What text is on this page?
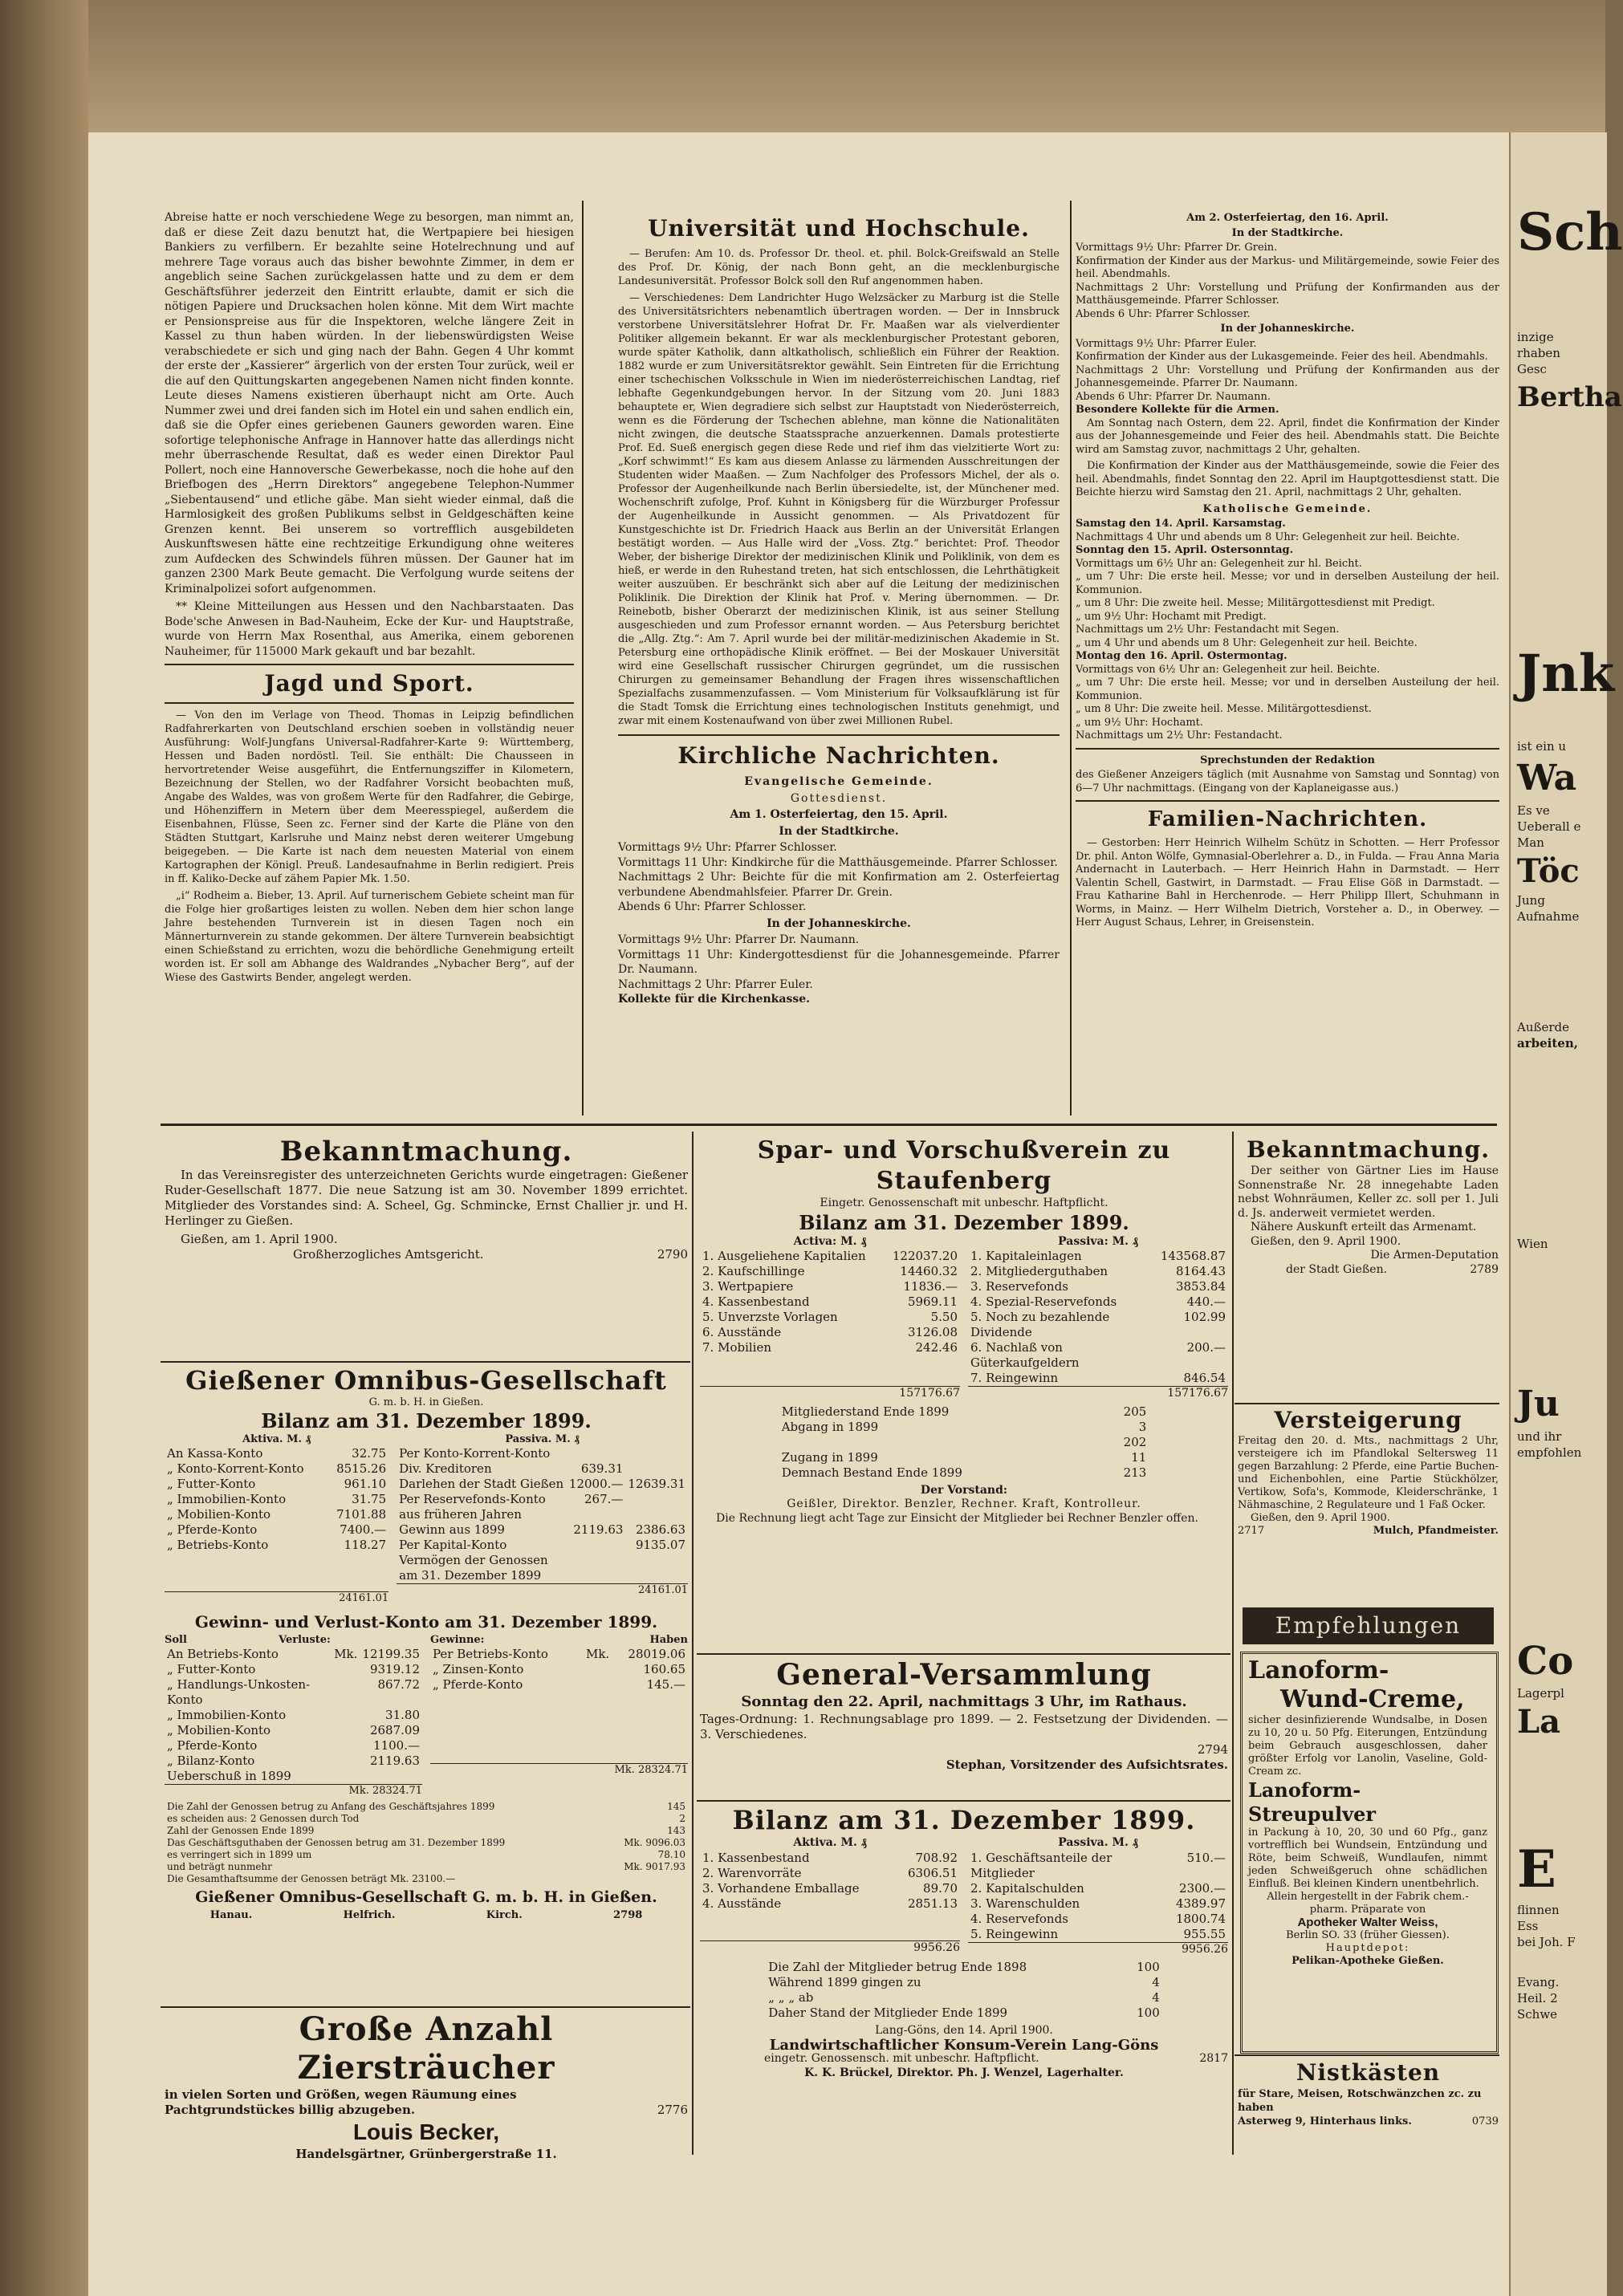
Abreise hatte er noch verschiedene Wege zu besorgen, man nimmt an, daß er diese Zeit dazu benutzt hat, die Wertpapiere bei hiesigen Bankiers zu verfilbern. Er bezahlte seine Hotelrechnung und auf mehrere Tage voraus auch das bisher bewohnte Zimmer, in dem er angeblich seine Sachen zurückgelassen hatte und zu dem er dem Geschäftsführer jederzeit den Eintritt erlaubte, damit er sich die nötigen Papiere und Drucksachen holen könne. Mit dem Wirt machte er Pensionspreise aus für die Inspektoren, welche längere Zeit in Kassel zu thun haben würden. In der liebenswürdigsten Weise verabschiedete er sich und ging nach der Bahn. Gegen 4 Uhr kommt der erste der „Kassierer“ ärgerlich von der ersten Tour zurück, weil er die auf den Quittungskarten angegebenen Namen nicht finden konnte. Leute dieses Namens existieren überhaupt nicht am Orte. Auch Nummer zwei und drei fanden sich im Hotel ein und sahen endlich ein, daß sie die Opfer eines geriebenen Gauners geworden waren. Eine sofortige telephonische Anfrage in Hannover hatte das allerdings nicht mehr überraschende Resultat, daß es weder einen Direktor Paul Pollert, noch eine Hannoversche Gewerbekasse, noch die hohe auf den Briefbogen des „Herrn Direktors“ angegebene Telephon-Nummer „Siebentausend“ und etliche gäbe. Man sieht wieder einmal, daß die Harmlosigkeit des großen Publikums selbst in Geldgeschäften keine Grenzen kennt. Bei unserem so vortrefflich ausgebildeten Auskunftswesen hätte eine rechtzeitige Erkundigung ohne weiteres zum Aufdecken des Schwindels führen müssen. Der Gauner hat im ganzen 2300 Mark Beute gemacht. Die Verfolgung wurde seitens der Kriminalpolizei sofort aufgenommen.

** Kleine Mitteilungen aus Hessen und den Nachbarstaaten. Das Bode'sche Anwesen in Bad-Nauheim, Ecke der Kur- und Hauptstraße, wurde von Herrn Max Rosenthal, aus Amerika, einem geborenen Nauheimer, für 115000 Mark gekauft und bar bezahlt.

Jagd und Sport.

— Von den im Verlage von Theod. Thomas in Leipzig befindlichen Radfahrerkarten von Deutschland erschien soeben in vollständig neuer Ausführung: Wolf-Jungfans Universal-Radfahrer-Karte 9: Württemberg, Hessen und Baden nordöstl. Teil. Sie enthält: Die Chausseen in hervortretender Weise ausgeführt, die Entfernungsziffer in Kilometern, Bezeichnung der Stellen, wo der Radfahrer Vorsicht beobachten muß, Angabe des Waldes, was von großem Werte für den Radfahrer, die Gebirge, und Höhenziffern in Metern über dem Meeresspiegel, außerdem die Eisenbahnen, Flüsse, Seen zc. Ferner sind der Karte die Pläne von den Städten Stuttgart, Karlsruhe und Mainz nebst deren weiterer Umgebung beigegeben. — Die Karte ist nach dem neuesten Material von einem Kartographen der Königl. Preuß. Landesaufnahme in Berlin redigiert. Preis in ff. Kaliko-Decke auf zähem Papier Mk. 1.50.

„i“ Rodheim a. Bieber, 13. April. Auf turnerischem Gebiete scheint man für die Folge hier großartiges leisten zu wollen. Neben dem hier schon lange Jahre bestehenden Turnverein ist in diesen Tagen noch ein Männerturnverein zu stande gekommen. Der ältere Turnverein beabsichtigt einen Schießstand zu errichten, wozu die behördliche Genehmigung erteilt worden ist. Er soll am Abhange des Waldrandes „Nybacher Berg“, auf der Wiese des Gastwirts Bender, angelegt werden.

Universität und Hochschule.

— Berufen: Am 10. ds. Professor Dr. theol. et. phil. Bolck-Greifswald an Stelle des Prof. Dr. König, der nach Bonn geht, an die mecklenburgische Landesuniversität. Professor Bolck soll den Ruf angenommen haben.

— Verschiedenes: Dem Landrichter Hugo Welzsäcker zu Marburg ist die Stelle des Universitätsrichters nebenamtlich übertragen worden. — Der in Innsbruck verstorbene Universitätslehrer Hofrat Dr. Fr. Maaßen war als vielverdienter Politiker allgemein bekannt. Er war als mecklenburgischer Protestant geboren, wurde später Katholik, dann altkatholisch, schließlich ein Führer der Reaktion. 1882 wurde er zum Universitätsrektor gewählt. Sein Eintreten für die Errichtung einer tschechischen Volksschule in Wien im niederösterreichischen Landtag, rief lebhafte Gegenkundgebungen hervor. In der Sitzung vom 20. Juni 1883 behauptete er, Wien degradiere sich selbst zur Hauptstadt von Niederösterreich, wenn es die Förderung der Tschechen ablehne, man könne die Nationalitäten nicht zwingen, die deutsche Staatssprache anzuerkennen. Damals protestierte Prof. Ed. Sueß energisch gegen diese Rede und rief ihm das vielzitierte Wort zu: „Korf schwimmt!“ Es kam aus diesem Anlasse zu lärmenden Ausschreitungen der Studenten wider Maaßen. — Zum Nachfolger des Professors Michel, der als o. Professor der Augenheilkunde nach Berlin übersiedelte, ist, der Münchener med. Wochenschrift zufolge, Prof. Kuhnt in Königsberg für die Würzburger Professur der Augenheilkunde in Aussicht genommen. — Als Privatdozent für Kunstgeschichte ist Dr. Friedrich Haack aus Berlin an der Universität Erlangen bestätigt worden. — Aus Halle wird der „Voss. Ztg.“ berichtet: Prof. Theodor Weber, der bisherige Direktor der medizinischen Klinik und Poliklinik, von dem es hieß, er werde in den Ruhestand treten, hat sich entschlossen, die Lehrthätigkeit weiter auszuüben. Er beschränkt sich aber auf die Leitung der medizinischen Poliklinik. Die Direktion der Klinik hat Prof. v. Mering übernommen. — Dr. Reinebotb, bisher Oberarzt der medizinischen Klinik, ist aus seiner Stellung ausgeschieden und zum Professor ernannt worden. — Aus Petersburg berichtet die „Allg. Ztg.“: Am 7. April wurde bei der militär-medizinischen Akademie in St. Petersburg eine orthopädische Klinik eröffnet. — Bei der Moskauer Universität wird eine Gesellschaft russischer Chirurgen gegründet, um die russischen Chirurgen zu gemeinsamer Behandlung der Fragen ihres wissenschaftlichen Spezialfachs zusammenzufassen. — Vom Ministerium für Volksaufklärung ist für die Stadt Tomsk die Errichtung eines technologischen Instituts genehmigt, und zwar mit einem Kostenaufwand von über zwei Millionen Rubel.

Kirchliche Nachrichten.
Evangelische Gemeinde.
Gottesdienst.
Am 1. Osterfeiertag, den 15. April.
In der Stadtkirche.
Vormittags 9½ Uhr: Pfarrer Schlosser.
Vormittags 11 Uhr: Kindkirche für die Matthäusgemeinde. Pfarrer Schlosser.
Nachmittags 2 Uhr: Beichte für die mit Konfirmation am 2. Osterfeiertag verbundene Abendmahlsfeier. Pfarrer Dr. Grein.
Abends 6 Uhr: Pfarrer Schlosser.
In der Johanneskirche.
Vormittags 9½ Uhr: Pfarrer Dr. Naumann.
Vormittags 11 Uhr: Kindergottesdienst für die Johannesgemeinde. Pfarrer Dr. Naumann.
Nachmittags 2 Uhr: Pfarrer Euler.
Kollekte für die Kirchenkasse.
Am 2. Osterfeiertag, den 16. April.
In der Stadtkirche.
Vormittags 9½ Uhr: Pfarrer Dr. Grein.
Konfirmation der Kinder aus der Markus- und Militärgemeinde, sowie Feier des heil. Abendmahls.
Nachmittags 2 Uhr: Vorstellung und Prüfung der Konfirmanden aus der Matthäusgemeinde. Pfarrer Schlosser.
Abends 6 Uhr: Pfarrer Schlosser.
In der Johanneskirche.
Vormittags 9½ Uhr: Pfarrer Euler.
Konfirmation der Kinder aus der Lukasgemeinde. Feier des heil. Abendmahls.
Nachmittags 2 Uhr: Vorstellung und Prüfung der Konfirmanden aus der Johannesgemeinde. Pfarrer Dr. Naumann.
Abends 6 Uhr: Pfarrer Dr. Naumann.
Besondere Kollekte für die Armen.

Am Sonntag nach Ostern, dem 22. April, findet die Konfirmation der Kinder aus der Johannesgemeinde und Feier des heil. Abendmahls statt. Die Beichte wird am Samstag zuvor, nachmittags 2 Uhr, gehalten.

Die Konfirmation der Kinder aus der Matthäusgemeinde, sowie die Feier des heil. Abendmahls, findet Sonntag den 22. April im Hauptgottesdienst statt. Die Beichte hierzu wird Samstag den 21. April, nachmittags 2 Uhr, gehalten.

Katholische Gemeinde.
Samstag den 14. April. Karsamstag.
Nachmittags 4 Uhr und abends um 8 Uhr: Gelegenheit zur heil. Beichte.
Sonntag den 15. April. Ostersonntag.
Vormittags um 6½ Uhr an: Gelegenheit zur hl. Beicht.
„ um 7 Uhr: Die erste heil. Messe; vor und in derselben Austeilung der heil. Kommunion.
„ um 8 Uhr: Die zweite heil. Messe; Militärgottesdienst mit Predigt.
„ um 9½ Uhr: Hochamt mit Predigt.
Nachmittags um 2½ Uhr: Festandacht mit Segen.
„ um 4 Uhr und abends um 8 Uhr: Gelegenheit zur heil. Beichte.
Montag den 16. April. Ostermontag.
Vormittags von 6½ Uhr an: Gelegenheit zur heil. Beichte.
„ um 7 Uhr: Die erste heil. Messe; vor und in derselben Austeilung der heil. Kommunion.
„ um 8 Uhr: Die zweite heil. Messe. Militärgottesdienst.
„ um 9½ Uhr: Hochamt.
Nachmittags um 2½ Uhr: Festandacht.
Sprechstunden der Redaktion
des Gießener Anzeigers täglich (mit Ausnahme von Samstag und Sonntag) von 6—7 Uhr nachmittags. (Eingang von der Kaplaneigasse aus.)
Familien-Nachrichten.

— Gestorben: Herr Heinrich Wilhelm Schütz in Schotten. — Herr Professor Dr. phil. Anton Wölfe, Gymnasial-Oberlehrer a. D., in Fulda. — Frau Anna Maria Andernacht in Lauterbach. — Herr Heinrich Hahn in Darmstadt. — Herr Valentin Schell, Gastwirt, in Darmstadt. — Frau Elise Göß in Darmstadt. — Frau Katharine Bahl in Herchenrode. — Herr Philipp Illert, Schuhmann in Worms, in Mainz. — Herr Wilhelm Dietrich, Vorsteher a. D., in Oberwey. — Herr August Schaus, Lehrer, in Greisenstein.

Bekanntmachung.
In das Vereinsregister des unterzeichneten Gerichts wurde eingetragen: Gießener Ruder-Gesellschaft 1877. Die neue Satzung ist am 30. November 1899 errichtet. Mitglieder des Vorstandes sind: A. Scheel, Gg. Schmincke, Ernst Challier jr. und H. Herlinger zu Gießen.
Gießen, am 1. April 1900.
Großherzogliches Amtsgericht.	2790
Gießener Omnibus-Gesellschaft
G. m. b. H. in Gießen.
Bilanz am 31. Dezember 1899.
Aktiva. M. ₰
An Kassa-Konto	32.75
„ Konto-Korrent-Konto	8515.26
„ Futter-Konto	961.10
„ Immobilien-Konto	31.75
„ Mobilien-Konto	7101.88
„ Pferde-Konto	7400.—
„ Betriebs-Konto	118.27
24161.01
Passiva. M. ₰
Per Konto-Korrent-Konto		
Div. Kreditoren	639.31	
Darlehen der Stadt Gießen	12000.—	12639.31
Per Reservefonds-Konto aus früheren Jahren	267.—	
Gewinn aus 1899	2119.63	2386.63
Per Kapital-Konto Vermögen der Genossen am 31. Dezember 1899		9135.07
24161.01
Gewinn- und Verlust-Konto am 31. Dezember 1899.
Soll	Verluste:
An Betriebs-Konto	Mk.	12199.35
„ Futter-Konto		9319.12
„ Handlungs-Unkosten-Konto		867.72
„ Immobilien-Konto		31.80
„ Mobilien-Konto		2687.09
„ Pferde-Konto		1100.—
„ Bilanz-Konto Ueberschuß in 1899		2119.63
Mk. 28324.71
Gewinne:	Haben
Per Betriebs-Konto	Mk.	28019.06
„ Zinsen-Konto		160.65
„ Pferde-Konto		145.—
Mk. 28324.71
Die Zahl der Genossen betrug zu Anfang des Geschäftsjahres 1899	145
es scheiden aus: 2 Genossen durch Tod	2
Zahl der Genossen Ende 1899	143
Das Geschäftsguthaben der Genossen betrug am 31. Dezember 1899	Mk. 9096.03
es verringert sich in 1899 um	78.10
und beträgt nunmehr	Mk. 9017.93
Die Gesamthaftsumme der Genossen beträgt Mk. 23100.—	
Gießener Omnibus-Gesellschaft G. m. b. H. in Gießen.
Hanau.	Helfrich.	Kirch.	2798
Große Anzahl Ziersträucher
in vielen Sorten und Größen, wegen Räumung eines Pachtgrundstückes billig abzugeben.	2776
Louis Becker,
Handelsgärtner, Grünbergerstraße 11.
Spar- und Vorschußverein zu Staufenberg
Eingetr. Genossenschaft mit unbeschr. Haftpflicht.
Bilanz am 31. Dezember 1899.
Activa: M. ₰
1. Ausgeliehene Kapitalien	122037.20
2. Kaufschillinge	14460.32
3. Wertpapiere	11836.—
4. Kassenbestand	5969.11
5. Unverzste Vorlagen	5.50
6. Ausstände	3126.08
7. Mobilien	242.46
157176.67
Passiva: M. ₰
1. Kapitaleinlagen	143568.87
2. Mitgliederguthaben	8164.43
3. Reservefonds	3853.84
4. Spezial-Reservefonds	440.—
5. Noch zu bezahlende Dividende	102.99
6. Nachlaß von Güterkaufgeldern	200.—
7. Reingewinn	846.54
157176.67
Mitgliederstand Ende 1899	205
Abgang in 1899	3
	202
Zugang in 1899	11
Demnach Bestand Ende 1899	213
Der Vorstand:
Geißler, Direktor. Benzler, Rechner. Kraft, Kontrolleur.
Die Rechnung liegt acht Tage zur Einsicht der Mitglieder bei Rechner Benzler offen.
General-Versammlung
Sonntag den 22. April, nachmittags 3 Uhr, im Rathaus.
Tages-Ordnung: 1. Rechnungsablage pro 1899. — 2. Festsetzung der Dividenden. — 3. Verschiedenes.
2794
Stephan, Vorsitzender des Aufsichtsrates.
Bilanz am 31. Dezember 1899.
Aktiva. M. ₰
1. Kassenbestand	708.92
2. Warenvorräte	6306.51
3. Vorhandene Emballage	89.70
4. Ausstände	2851.13
9956.26
Passiva. M. ₰
1. Geschäftsanteile der Mitglieder	510.—
2. Kapitalschulden	2300.—
3. Warenschulden	4389.97
4. Reservefonds	1800.74
5. Reingewinn	955.55
9956.26
Die Zahl der Mitglieder betrug Ende 1898	100
Während 1899 gingen zu	4
„ „ „ ab	4
Daher Stand der Mitglieder Ende 1899	100
Lang-Göns, den 14. April 1900.
Landwirtschaftlicher Konsum-Verein Lang-Göns
eingetr. Genossensch. mit unbeschr. Haftpflicht.	2817
K. K. Brückel, Direktor. Ph. J. Wenzel, Lagerhalter.
Bekanntmachung.
Der seither von Gärtner Lies im Hause Sonnenstraße Nr. 28 innegehabte Laden nebst Wohnräumen, Keller zc. soll per 1. Juli d. Js. anderweit vermietet werden.
Nähere Auskunft erteilt das Armenamt.
Gießen, den 9. April 1900.
Die Armen-Deputation
der Stadt Gießen.	2789
Versteigerung
Freitag den 20. d. Mts., nachmittags 2 Uhr, versteigere ich im Pfandlokal Seltersweg 11 gegen Barzahlung: 2 Pferde, eine Partie Buchen- und Eichenbohlen, eine Partie Stückhölzer, Vertikow, Sofa's, Kommode, Kleiderschränke, 1 Nähmaschine, 2 Regulateure und 1 Faß Ocker.
Gießen, den 9. April 1900.
2717	Mulch, Pfandmeister.
Empfehlungen
Lanoform-
Wund-Creme,
sicher desinfizierende Wundsalbe, in Dosen zu 10, 20 u. 50 Pfg. Eiterungen, Entzündung beim Gebrauch ausgeschlossen, daher größter Erfolg vor Lanolin, Vaseline, Gold-Cream zc.
Lanoform-Streupulver
in Packung à 10, 20, 30 und 60 Pfg., ganz vortrefflich bei Wundsein, Entzündung und Röte, beim Schweiß, Wundlaufen, nimmt jeden Schweißgeruch ohne schädlichen Einfluß. Bei kleinen Kindern unentbehrlich.
Allein hergestellt in der Fabrik chem.-pharm. Präparate von
Apotheker Walter Weiss,
Berlin SO. 33 (früher Giessen).
Hauptdepot:
Pelikan-Apotheke Gießen.
Nistkästen
für Stare, Meisen, Rotschwänzchen zc. zu haben
Asterweg 9, Hinterhaus links.	0739
Sch
inzige
rhaben
Gesc
Bertha
Jnk
ist ein u
Wa
Es ve
Ueberall e
Man
Töc
Jung
Aufnahme
Außerde
arbeiten,
Wien
Ju
und ihr
empfohlen
Co
Lagerpl
La
E
flinnen
Ess
bei Joh. F
Evang.
Heil. 2
Schwe
